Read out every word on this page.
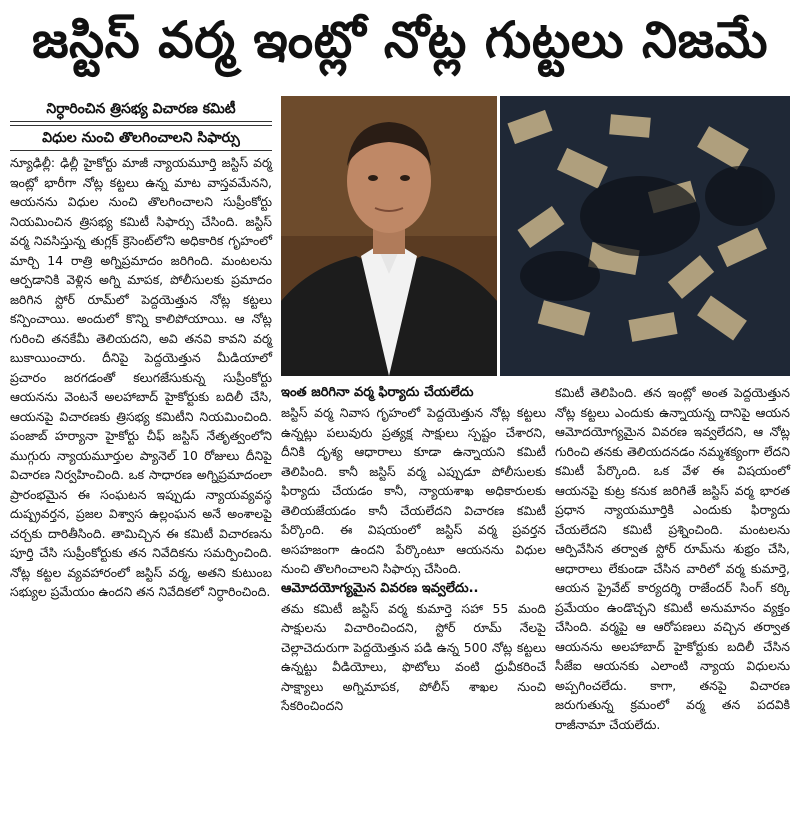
జస్టిస్ వర్మ ఇంట్లో నోట్ల గుట్టలు నిజమే
నిర్ధారించిన త్రిసభ్య విచారణ కమిటీ
విధుల నుంచి తొలగించాలని సిఫార్సు

న్యూఢిల్లీ: ఢిల్లీ హైకోర్టు మాజీ న్యాయమూర్తి జస్టిస్ వర్మ ఇంట్లో భారీగా నోట్ల కట్టలు ఉన్న మాట వాస్తవమేనని, ఆయనను విధుల నుంచి తొలగించాలని సుప్రీంకోర్టు నియమించిన త్రిసభ్య కమిటీ సిఫార్సు చేసింది. జస్టిస్ వర్మ నివసిస్తున్న తుగ్లక్ క్రెసెంట్‌లోని అధికారిక గృహంలో మార్చి 14 రాత్రి అగ్నిప్రమాదం జరిగింది. మంటలను ఆర్పడానికి వెళ్లిన అగ్ని మాపక, పోలీసులకు ప్రమాదం జరిగిన స్టోర్ రూమ్‌లో పెద్దయెత్తున నోట్ల కట్టలు కన్పించాయి. అందులో కొన్ని కాలిపోయాయి. ఆ నోట్ల గురించి తనకేమీ తెలియదని, అవి తనవి కావని వర్మ బుకాయించారు. దీనిపై పెద్దయెత్తున మీడియాలో ప్రచారం జరగడంతో కలుగజేసుకున్న సుప్రీంకోర్టు ఆయనను వెంటనే అలహాబాద్ హైకోర్టుకు బదిలీ చేసి, ఆయనపై విచారణకు త్రిసభ్య కమిటీని నియమించింది. పంజాబ్ హర్యానా హైకోర్టు చీఫ్ జస్టిస్ నేతృత్వంలోని ముగ్గురు న్యాయమూర్తుల ప్యానెల్ 10 రోజులు దీనిపై విచారణ నిర్వహించింది. ఒక సాధారణ అగ్నిప్రమాదంలా ప్రారంభమైన ఈ సంఘటన ఇప్పుడు న్యాయవ్యవస్థ దుష్ప్రవర్తన, ప్రజల విశ్వాస ఉల్లంఘన అనే అంశాలపై చర్చకు దారితీసింది. తామిచ్చిన ఈ కమిటీ విచారణను పూర్తి చేసి సుప్రీంకోర్టుకు తన నివేదికను సమర్పించింది. నోట్ల కట్టల వ్యవహారంలో జస్టిస్ వర్మ, అతని కుటుంబ సభ్యుల ప్రమేయం ఉందని తన నివేదికలో నిర్ధారించింది.

ఇంత జరిగినా వర్మ ఫిర్యాదు చేయలేదు

జస్టిస్ వర్మ నివాస గృహంలో పెద్దయెత్తున నోట్ల కట్టలు ఉన్నట్లు పలువురు ప్రత్యక్ష సాక్షులు స్పష్టం చేశారని, దీనికి దృశ్య ఆధారాలు కూడా ఉన్నాయని కమిటీ తెలిపింది. కానీ జస్టిస్ వర్మ ఎప్పుడూ పోలీసులకు ఫిర్యాదు చేయడం కానీ, న్యాయశాఖ అధికారులకు తెలియజేయడం కానీ చేయలేదని విచారణ కమిటీ పేర్కొంది. ఈ విషయంలో జస్టిస్ వర్మ ప్రవర్తన అసహజంగా ఉందని పేర్కొంటూ ఆయనను విధుల నుంచి తొలగించాలని సిఫార్సు చేసింది.

ఆమోదయోగ్యమైన వివరణ ఇవ్వలేదు..

తమ కమిటీ జస్టిస్ వర్మ కుమార్తె సహా 55 మంది సాక్షులను విచారించిందని, స్టోర్ రూమ్ నేలపై చెల్లాచెదురుగా పెద్దయెత్తున పడి ఉన్న 500 నోట్ల కట్టలు ఉన్నట్టు వీడియోలు, ఫొటోలు వంటి ధ్రువీకరించే సాక్ష్యాలు అగ్నిమాపక, పోలీస్ శాఖల నుంచి సేకరించిందని

కమిటీ తెలిపింది. తన ఇంట్లో అంత పెద్దయెత్తున నోట్ల కట్టలు ఎందుకు ఉన్నాయన్న దానిపై ఆయన ఆమోదయోగ్యమైన వివరణ ఇవ్వలేదని, ఆ నోట్ల గురించి తనకు తెలియదనడం నమ్మశక్యంగా లేదని కమిటీ పేర్కొంది. ఒక వేళ ఈ విషయంలో ఆయనపై కుట్ర కనుక జరిగితే జస్టిస్ వర్మ భారత ప్రధాన న్యాయమూర్తికి ఎందుకు ఫిర్యాదు చేయలేదని కమిటీ ప్రశ్నించింది. మంటలను ఆర్పివేసిన తర్వాత స్టోర్ రూమ్‌ను శుభ్రం చేసి, ఆధారాలు లేకుండా చేసిన వారిలో వర్మ కుమార్తె, ఆయన ప్రైవేట్ కార్యదర్శి రాజేందర్ సింగ్ కర్కి ప్రమేయం ఉండొచ్చని కమిటీ అనుమానం వ్యక్తం చేసింది. వర్మపై ఆ ఆరోపణలు వచ్చిన తర్వాత ఆయనను అలహాబాద్ హైకోర్టుకు బదిలీ చేసిన సీజేఐ ఆయనకు ఎలాంటి న్యాయ విధులను అప్పగించలేదు. కాగా, తనపై విచారణ జరుగుతున్న క్రమంలో వర్మ తన పదవికి రాజీనామా చేయలేదు.
